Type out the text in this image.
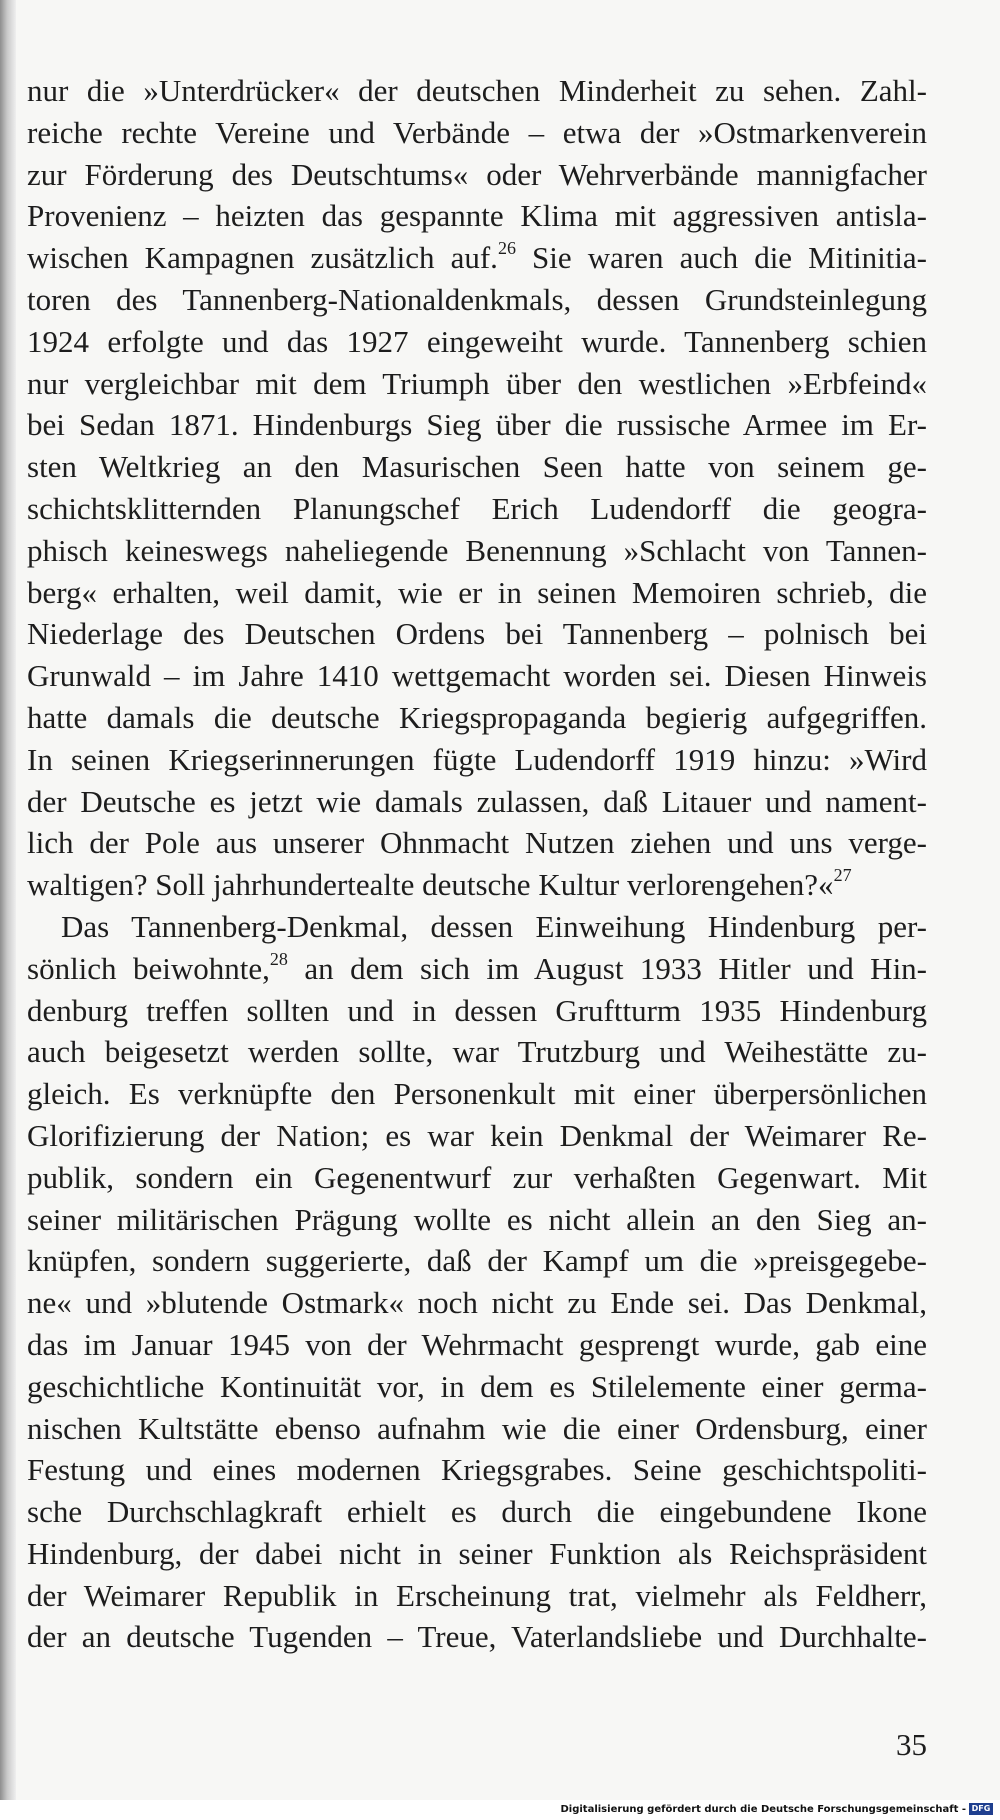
nur die »Unterdrücker« der deutschen Minderheit zu sehen. Zahl-
reiche rechte Vereine und Verbände – etwa der »Ostmarkenverein
zur Förderung des Deutschtums« oder Wehrverbände mannigfacher
Provenienz – heizten das gespannte Klima mit aggressiven antisla-
wischen Kampagnen zusätzlich auf.$^{26}$ Sie waren auch die Mitinitia-
toren des Tannenberg-Nationaldenkmals, dessen Grundsteinlegung
1924 erfolgte und das 1927 eingeweiht wurde. Tannenberg schien
nur vergleichbar mit dem Triumph über den westlichen »Erbfeind«
bei Sedan 1871. Hindenburgs Sieg über die russische Armee im Er-
sten Weltkrieg an den Masurischen Seen hatte von seinem ge-
schichtsklitternden Planungschef Erich Ludendorff die geogra-
phisch keineswegs naheliegende Benennung »Schlacht von Tannen-
berg« erhalten, weil damit, wie er in seinen Memoiren schrieb, die
Niederlage des Deutschen Ordens bei Tannenberg – polnisch bei
Grunwald – im Jahre 1410 wettgemacht worden sei. Diesen Hinweis
hatte damals die deutsche Kriegspropaganda begierig aufgegriffen.
In seinen Kriegserinnerungen fügte Ludendorff 1919 hinzu: »Wird
der Deutsche es jetzt wie damals zulassen, daß Litauer und nament-
lich der Pole aus unserer Ohnmacht Nutzen ziehen und uns verge-
waltigen? Soll jahrhundertealte deutsche Kultur verlorengehen?«$^{27}$
Das Tannenberg-Denkmal, dessen Einweihung Hindenburg per-
sönlich beiwohnte,$^{28}$ an dem sich im August 1933 Hitler und Hin-
denburg treffen sollten und in dessen Gruftturm 1935 Hindenburg
auch beigesetzt werden sollte, war Trutzburg und Weihestätte zu-
gleich. Es verknüpfte den Personenkult mit einer überpersönlichen
Glorifizierung der Nation; es war kein Denkmal der Weimarer Re-
publik, sondern ein Gegenentwurf zur verhaßten Gegenwart. Mit
seiner militärischen Prägung wollte es nicht allein an den Sieg an-
knüpfen, sondern suggerierte, daß der Kampf um die »preisgegebe-
ne« und »blutende Ostmark« noch nicht zu Ende sei. Das Denkmal,
das im Januar 1945 von der Wehrmacht gesprengt wurde, gab eine
geschichtliche Kontinuität vor, in dem es Stilelemente einer germa-
nischen Kultstätte ebenso aufnahm wie die einer Ordensburg, einer
Festung und eines modernen Kriegsgrabes. Seine geschichtspoliti-
sche Durchschlagkraft erhielt es durch die eingebundene Ikone
Hindenburg, der dabei nicht in seiner Funktion als Reichspräsident
der Weimarer Republik in Erscheinung trat, vielmehr als Feldherr,
der an deutsche Tugenden – Treue, Vaterlandsliebe und Durchhalte-
35
Digitalisierung gefördert durch die Deutsche Forschungsgemeinschaft - DFG
